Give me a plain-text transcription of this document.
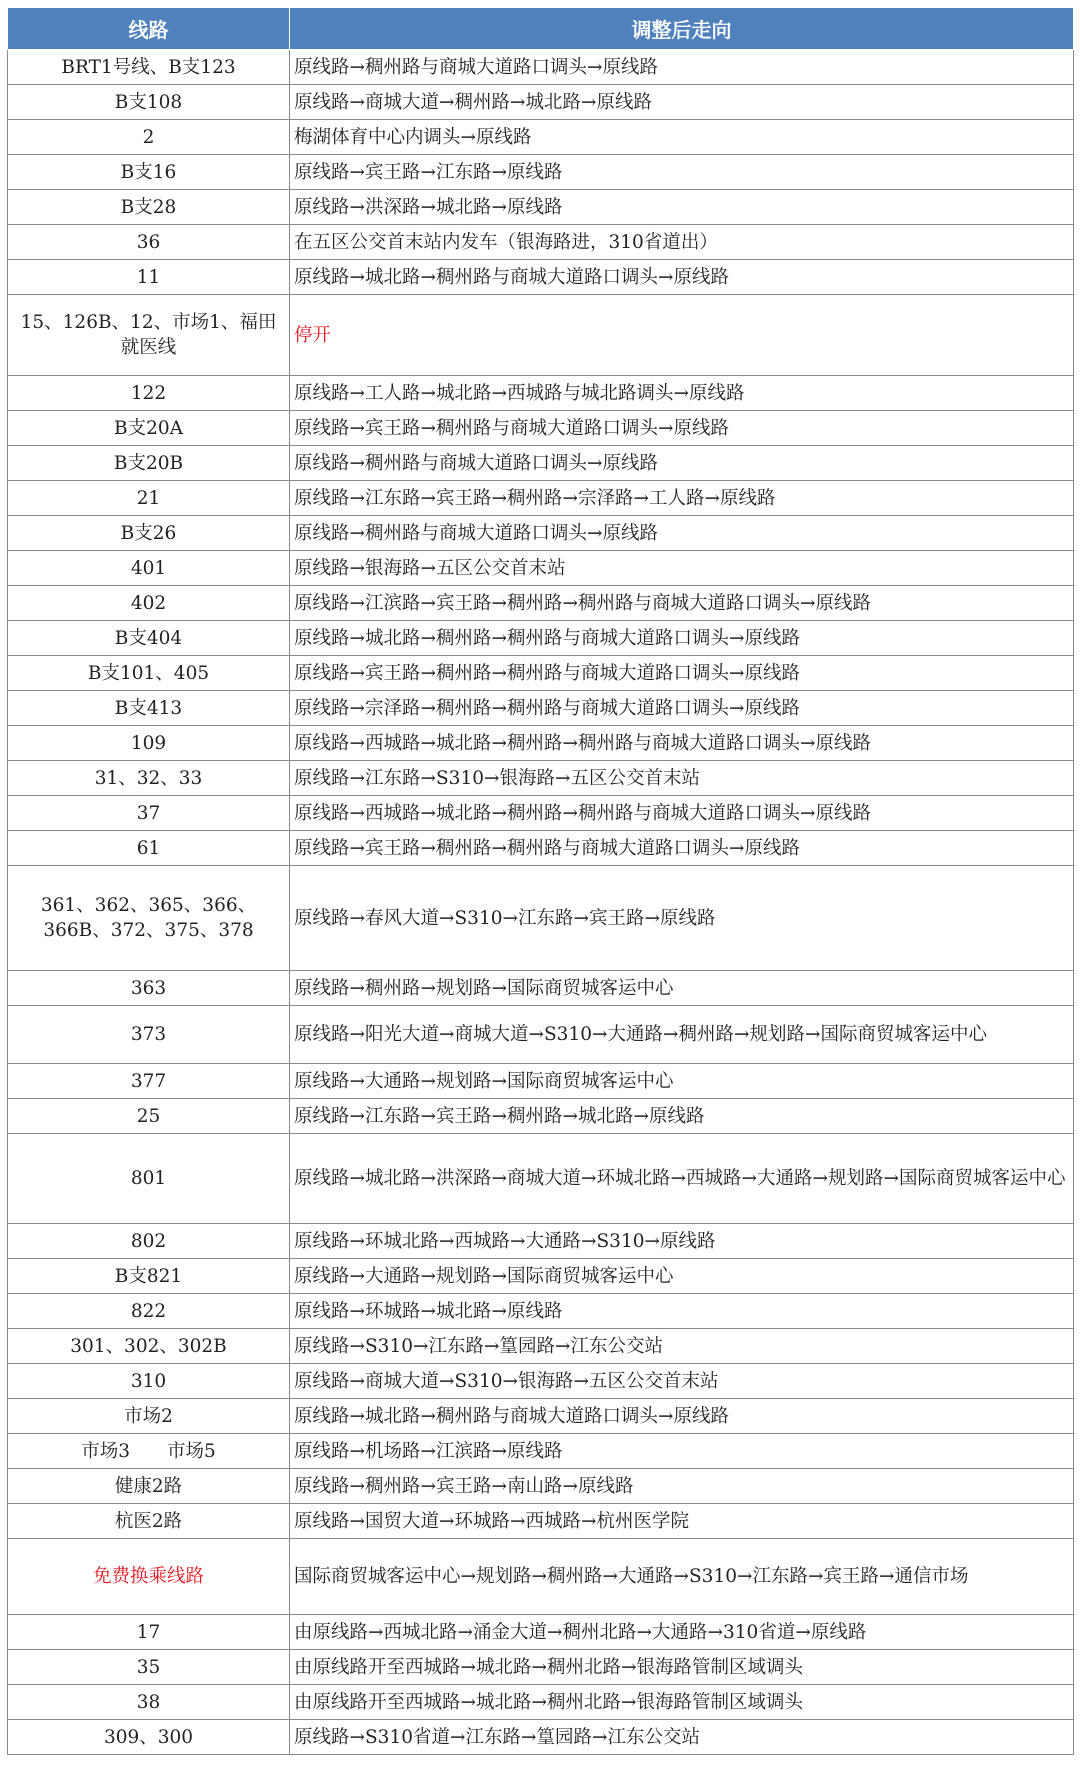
线路	调整后走向
BRT1号线、B支123	原线路→稠州路与商城大道路口调头→原线路
B支108	原线路→商城大道→稠州路→城北路→原线路
2	梅湖体育中心内调头→原线路
B支16	原线路→宾王路→江东路→原线路
B支28	原线路→洪深路→城北路→原线路
36	在五区公交首末站内发车（银海路进，310省道出）
11	原线路→城北路→稠州路与商城大道路口调头→原线路
15、126B、12、市场1、福田就医线	停开
122	原线路→工人路→城北路→西城路与城北路调头→原线路
B支20A	原线路→宾王路→稠州路与商城大道路口调头→原线路
B支20B	原线路→稠州路与商城大道路口调头→原线路
21	原线路→江东路→宾王路→稠州路→宗泽路→工人路→原线路
B支26	原线路→稠州路与商城大道路口调头→原线路
401	原线路→银海路→五区公交首末站
402	原线路→江滨路→宾王路→稠州路→稠州路与商城大道路口调头→原线路
B支404	原线路→城北路→稠州路→稠州路与商城大道路口调头→原线路
B支101、405	原线路→宾王路→稠州路→稠州路与商城大道路口调头→原线路
B支413	原线路→宗泽路→稠州路→稠州路与商城大道路口调头→原线路
109	原线路→西城路→城北路→稠州路→稠州路与商城大道路口调头→原线路
31、32、33	原线路→江东路→S310→银海路→五区公交首末站
37	原线路→西城路→城北路→稠州路→稠州路与商城大道路口调头→原线路
61	原线路→宾王路→稠州路→稠州路与商城大道路口调头→原线路
361、362、365、366、366B、372、375、378	原线路→春风大道→S310→江东路→宾王路→原线路
363	原线路→稠州路→规划路→国际商贸城客运中心
373	原线路→阳光大道→商城大道→S310→大通路→稠州路→规划路→国际商贸城客运中心
377	原线路→大通路→规划路→国际商贸城客运中心
25	原线路→江东路→宾王路→稠州路→城北路→原线路
801	原线路→城北路→洪深路→商城大道→环城北路→西城路→大通路→规划路→国际商贸城客运中心
802	原线路→环城北路→西城路→大通路→S310→原线路
B支821	原线路→大通路→规划路→国际商贸城客运中心
822	原线路→环城路→城北路→原线路
301、302、302B	原线路→S310→江东路→篁园路→江东公交站
310	原线路→商城大道→S310→银海路→五区公交首末站
市场2	原线路→城北路→稠州路与商城大道路口调头→原线路
市场3　　市场5	原线路→机场路→江滨路→原线路
健康2路	原线路→稠州路→宾王路→南山路→原线路
杭医2路	原线路→国贸大道→环城路→西城路→杭州医学院
免费换乘线路	国际商贸城客运中心→规划路→稠州路→大通路→S310→江东路→宾王路→通信市场
17	由原线路→西城北路→涌金大道→稠州北路→大通路→310省道→原线路
35	由原线路开至西城路→城北路→稠州北路→银海路管制区域调头
38	由原线路开至西城路→城北路→稠州北路→银海路管制区域调头
309、300	原线路→S310省道→江东路→篁园路→江东公交站
